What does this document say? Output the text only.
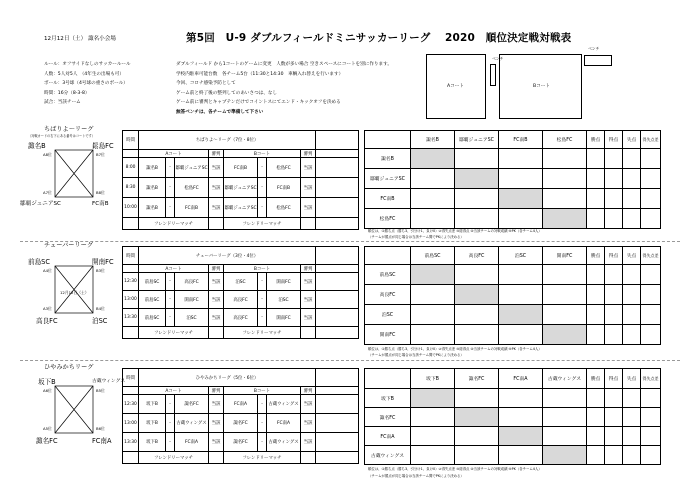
12月12日（土） 諏名小会場	第5回　U-9 ダブルフィールドミニサッカーリーグ　 2020　順位決定戦対戦表
ルール：オフサイドなしのサッカールール
人数：5人対5人　（4年生の出場も可）
ボール：3号球（4号球の重さのボール）
時間：16分（8-3-8）
試合：当該チーム
ダブルフィールド から1コートのゲームに変更　人数が多い場合 空きスペースにコートを別に作ります。
学校内駐車可能台数　各チーム5台（11:30と14:30　車輌入れ替えを行います）
今回、コロナ感染予防として
ゲーム前と終了後の整列してのあいさつは、なし
ゲーム前に審判とキャプテンだけでコイントスにてエンド・キックオフを決める
無答ベンチは、各チームで準備して下さい
Aコート	Bコート
ベンチ
ベンチ
ちばりよ～リーグ
（対戦カードの右下にある番号はコートです）
諏名B	鬆島FC
鄒覇ジュニアSC	FC南B
A8位	B7位
A7位	B8位
時間	ちばりよ～リーグ（7位・8位）								
	Aコート			審判	Bコート			審判	
8:00	諏名B	-	鄒覇ジュニアSC	当該	FC南B	-	松島FC	当該	
8:30	諏名B	-	松島FC	当該	鄒覇ジュニアSC	-	FC南B	当該	
10:00	諏名B	-	FC南B	当該	鄒覇ジュニアSC	-	松島FC	当該	
	フレンドリーマッチ				フレンドリーマッチ				
	諏名B	鄒覇ジュニアSC	FC南B	松島FC	勝点	得点	失点	得失点差
諏名B								
鄒覇ジュニアSC								
FC南B								
松島FC								
順位は、①勝ち点（勝ち3、引分け1、負け0）②得失点差 ③総得点 ④当該チームの対戦成績 ⑤PK（各チーム4人）
（チームが勝点が同じ場合は当該チーム間でPKにより決める）
チューバーリーグ
前島SC	開南FC
高良FC	泊SC
A4位	B3位
A3位	B4位
12月12日（土）
時間	チューバーリーグ（3位・4位）								
	Aコート			審判	Bコート			審判	
12:30	前島SC	-	高良FC	当該	泊SC	-	開南FC	当該	
13:00	前島SC	-	開南FC	当該	高良FC	-	泊SC	当該	
13:30	前島SC	-	泊SC	当該	高良FC	-	開南FC	当該	
	フレンドリーマッチ				フレンドリーマッチ				
	前島SC	高良FC	泊SC	開南FC	勝点	得点	失点	得失点差
前島SC								
高良FC								
泊SC								
開南FC								
順位は、①勝ち点（勝ち3、引分け1、負け0）②得失点差 ③総得点 ④当該チームの対戦成績 ⑤PK（各チーム4人）
（チームが勝点が同じ場合は当該チーム間でPKにより決める）
ひやみかちリーグ
坂下B	古蔵ウィングス
諏名FC	FC南A
A6位	B5位
A5位	B6位
時間	ひやみかちリーグ（5位・6位）								
	Aコート			審判	Bコート			審判	
12:30	坂下B	-	諏名FC	当該	FC南A	-	古蔵ウィングス	当該	
13:00	坂下B	-	古蔵ウィングス	当該	諏名FC	-	FC南A	当該	
13:30	坂下B	-	FC南A	当該	諏名FC	-	古蔵ウィングス	当該	
	フレンドリーマッチ				フレンドリーマッチ				
	坂下B	諏名FC	FC南A	古蔵ウィングス	勝点	得点	失点	得失点差
坂下B								
諏名FC								
FC南A								
古蔵ウィングス								
順位は、①勝ち点（勝ち3、引分け1、負け0）②得失点差 ③総得点 ④当該チームの対戦成績 ⑤PK（各チーム4人）
（チームが勝点が同じ場合は当該チーム間でPKにより決める）
